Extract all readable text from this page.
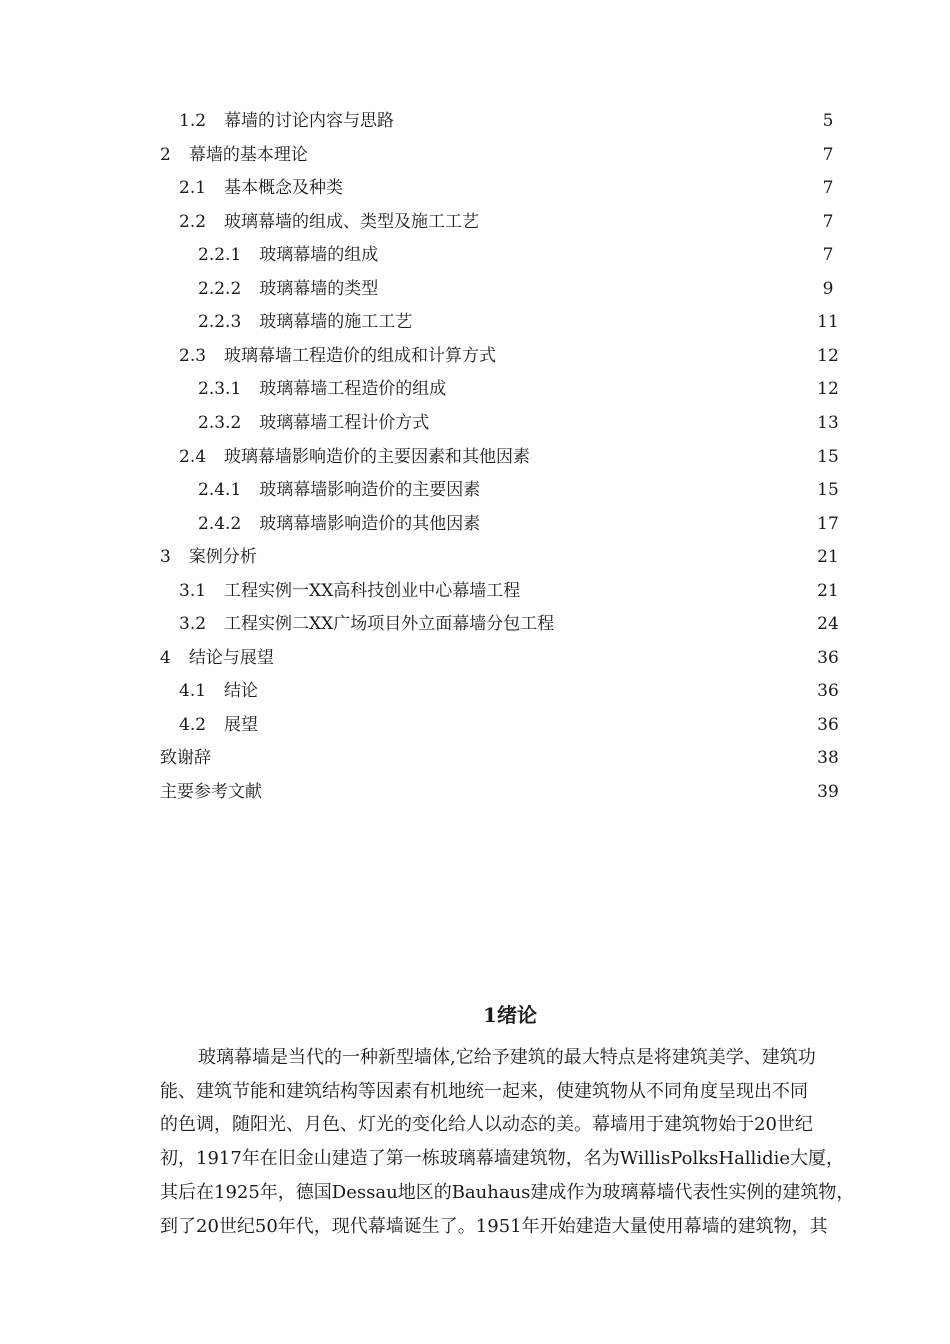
1.2 幕墙的讨论内容与思路	5
2 幕墙的基本理论	7
2.1 基本概念及种类	7
2.2 玻璃幕墙的组成、类型及施工工艺	7
2.2.1 玻璃幕墙的组成	7
2.2.2 玻璃幕墙的类型	9
2.2.3 玻璃幕墙的施工工艺	11
2.3 玻璃幕墙工程造价的组成和计算方式	12
2.3.1 玻璃幕墙工程造价的组成	12
2.3.2 玻璃幕墙工程计价方式	13
2.4 玻璃幕墙影响造价的主要因素和其他因素	15
2.4.1 玻璃幕墙影响造价的主要因素	15
2.4.2 玻璃幕墙影响造价的其他因素	17
3 案例分析	21
3.1 工程实例一XX高科技创业中心幕墙工程	21
3.2 工程实例二XX广场项目外立面幕墙分包工程	24
4 结论与展望	36
4.1 结论	36
4.2 展望	36
致谢辞	38
主要参考文献	39
1绪论
玻璃幕墙是当代的一种新型墙体,它给予建筑的最大特点是将建筑美学、建筑功
能、建筑节能和建筑结构等因素有机地统一起来，使建筑物从不同角度呈现出不同
的色调，随阳光、月色、灯光的变化给人以动态的美。幕墙用于建筑物始于20世纪
初，1917年在旧金山建造了第一栋玻璃幕墙建筑物，名为WillisPolksHallidie大厦，
其后在1925年，德国Dessau地区的Bauhaus建成作为玻璃幕墙代表性实例的建筑物，
到了20世纪50年代，现代幕墙诞生了。1951年开始建造大量使用幕墙的建筑物，其
